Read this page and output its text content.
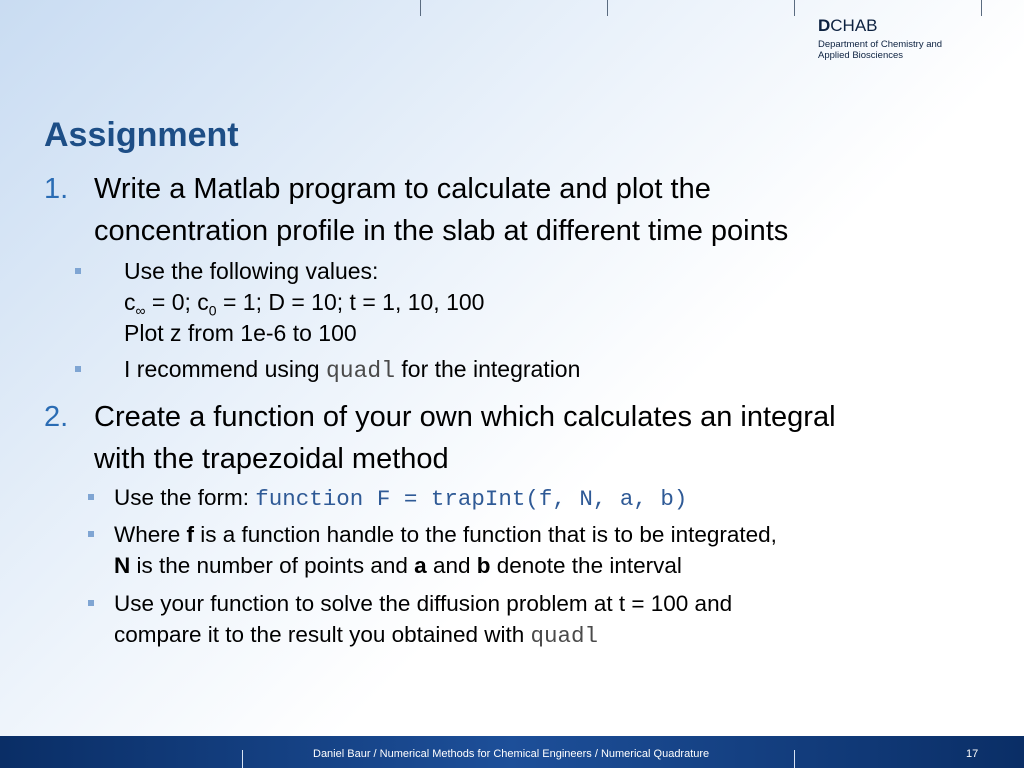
DCHAB
Department of Chemistry and
Applied Biosciences
Assignment
1. Write a Matlab program to calculate and plot the
concentration profile in the slab at different time points
Use the following values:
$c_\infty = 0$; $c_0 = 1$; D = 10; t = 1, 10, 100
Plot z from 1e-6 to 100
I recommend using quadl for the integration
2. Create a function of your own which calculates an integral
with the trapezoidal method
Use the form: function F = trapInt(f, N, a, b)
Where f is a function handle to the function that is to be integrated,
N is the number of points and a and b denote the interval
Use your function to solve the diffusion problem at t = 100 and
compare it to the result you obtained with quadl
Daniel Baur / Numerical Methods for Chemical Engineers / Numerical Quadrature	17
